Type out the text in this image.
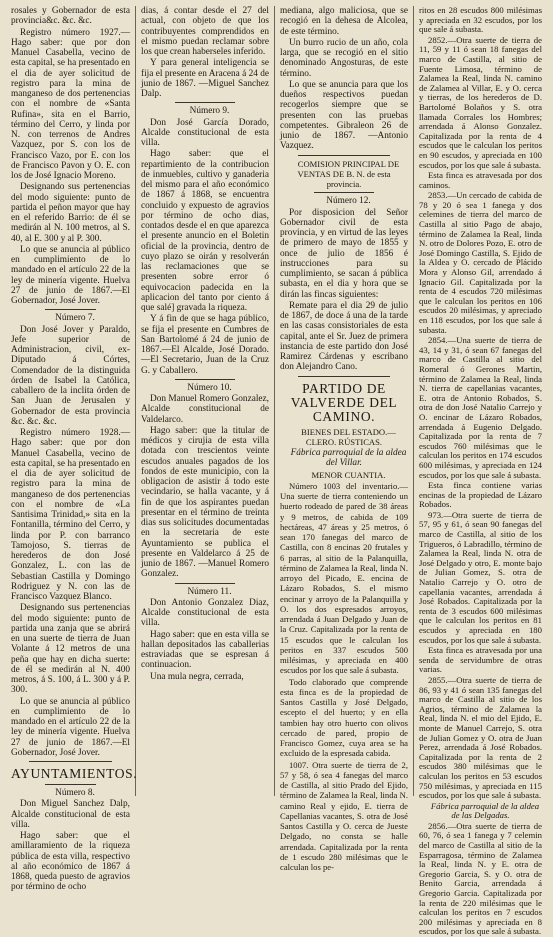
rosales y Gobernador de esta provincia&c. &c. &c.

Registro número 1927.—Hago saber: que por don Manuel Casabella, vecino de esta capital, se ha presentado en el dia de ayer solicitud de registro para la mina de manganeso de dos pertenencias con el nombre de «Santa Rufina», sita en el Barrio, término del Cerro, y linda por N. con terrenos de Andres Vazquez, por S. con los de Francisco Vazo, por E. con los de Francisco Pavon y O. E. con los de José Ignacio Moreno.

Designando sus pertenencias del modo siguiente: punto de partida el peñon mayor que hay en el referido Barrio: de él se medirán al N. 100 metros, al S. 40, al E. 300 y al P. 300.

Lo que se anuncia al público en cumplimiento de lo mandado en el artículo 22 de la ley de minería vigente. Huelva 27 de junio de 1867.—El Gobernador, José Jover.

Número 7.

Don José Jover y Paraldo, Jefe superior de Administracion, civil, ex-Diputado á Córtes, Comendador de la distinguida órden de Isabel la Católica, caballero de la inclita órden de San Juan de Jerusalen y Gobernador de esta provincia &c. &c. &c.

Registro número 1928.—Hago saber: que por don Manuel Casabella, vecino de esta capital, se ha presentado en el dia de ayer solicitud de registro para la mina de manganeso de dos pertenencias con el nombre de «La Santisima Trinidad,» sita en la Fontanilla, término del Cerro, y linda por P. con barranco Tamojoso, S. tierras de herederos de don José Gonzalez, L. con las de Sebastian Castilla y Domingo Rodriguez y N. con las de Francisco Vazquez Blanco.

Designando sus pertenencias del modo siguiente: punto de partida una zanja que se abrirá en una suerte de tierra de Juan Volante á 12 metros de una peña que hay en dicha suerte: de él se medirán al N. 400 metros, á S. 100, á L. 300 y á P. 300.

Lo que se anuncia al público en cumplimiento de lo mandado en el artículo 22 de la ley de minería vigente. Huelva 27 de junio de 1867.—El Gobernador, José Jover.

AYUNTAMIENTOS.

Número 8.

Don Miguel Sanchez Dalp, Alcalde constitucional de esta villa.

Hago saber: que el amillaramiento de la riqueza pública de esta villa, respectivo al año económico de 1867 á 1868, queda puesto de agravios por término de ocho

dias, á contar desde el 27 del actual, con objeto de que los contribuyentes comprendidos en el mismo puedan reclamar sobre los que crean haberseles inferido.

Y para general inteligencia se fija el presente en Aracena á 24 de junio de 1867. —Miguel Sanchez Dalp.

Número 9.

Don José García Dorado, Alcalde constitucional de esta villa.

Hago saber: que el repartimiento de la contribucion de inmuebles, cultivo y ganaderia del mismo para el año económico de 1867 á 1868, se encuentra concluido y expuesto de agravios por término de ocho dias, contados desde el en que aparezca el presente anuncio en el Boletin oficial de la provincia, dentro de cuyo plazo se oirán y resolverán las reclamaciones que se presenten sobre error ó equivocacion padecida en la aplicacion del tanto por ciento á que salé] gravada la riqueza.

Y á fin de que se haga público, se fija el presente en Cumbres de San Bartolomé á 24 de junio de 1867.—El Alcalde, José Dorado.—El Secretario, Juan de la Cruz G. y Caballero.

Número 10.

Don Manuel Romero Gonzalez, Alcalde constitucional de Valdelarco.

Hago saber: que la titular de médicos y cirujia de esta villa dotada con trescientos veinte escudos anuales pagados de los fondos de este municipio, con la obligacion de asistir á todo este vecindario, se halla vacante, y á fin de que los aspirantes puedan presentar en el término de treinta dias sus solicitudes documentadas en la secretaria de este Ayuntamiento se publica el presente en Valdelarco á 25 de junio de 1867. —Manuel Romero Gonzalez.

Número 11.

Don Antonio Gonzalez Diaz, Alcalde constitucional de esta villa.

Hago saber: que en esta villa se hallan depositados las caballerias estraviadas que se espresan á continuacion.

Una mula negra, cerrada,

mediana, algo maliciosa, que se recogió en la dehesa de Alcolea, de este término.

Un burro rucio de un año, cola larga, que se recogió en el sitio denominado Angosturas, de este término.

Lo que se anuncia para que los dueños respectivos puedan recogerlos siempre que se presenten con las pruebas competentes. Gibraleon 26 de junio de 1867. —Antonio Vazquez.

COMISION PRINCIPAL DE VENTAS DE B. N. de esta provincia.

Número 12.

Por disposicion del Señor Gobernador civil de esta provincia, y en virtud de las leyes de primero de mayo de 1855 y once de julio de 1856 é instrucciones para su cumplimiento, se sacan á pública subasta, en el dia y hora que se dirán las fincas siguientes:

Remate para el dia 29 de julio de 1867, de doce á una de la tarde en las casas consistoriales de esta capital, ante el Sr. Juez de primera instancia de este partido don José Ramirez Cárdenas y escribano don Alejandro Cano.

PARTIDO DE VALVERDE DEL CAMINO.

BIENES DEL ESTADO.—CLERO. RÚSTICAS.

Fábrica parroquial de la aldea del Villar.

MENOR CUANTIA.

Número 1003 del inventario.—Una suerte de tierra conteniendo un huerto rodeado de pared de 38 áreas y 9 metros, de cabida de 109 hectáreas, 47 áreas y 25 metros, ó sean 170 fanegas del marco de Castilla, con 8 encinas 20 frutales y 6 parras, al sitio de la Palanquilla, término de Zalamea la Real, linda N. arroyo del Picado, E. encina de Lázaro Robados, S. el mismo encinar y arroyo de la Palanquilla y O. los dos espresados arroyos, arrendada á Juan Delgado y Juan de la Cruz. Capitalizada por la renta de 15 escudos que le calculan los peritos en 337 escudos 500 milésimas, y apreciada en 400 escudos por los que sale á subasta.

Todo claborado que comprende esta finca es de la propiedad de Santos Castilla y José Delgado, escepto el del huerto; y en ella tambien hay otro huerto con olivos cercado de pared, propio de Francisco Gomez, cuya area se ha excluido de la espresada cabida.

1007. Otra suerte de tierra de 2, 57 y 58, ó sea 4 fanegas del marco de Castilla, al sitio Prado del Ejido, término de Zalamea la Real, linda N. camino Real y ejido, E. tierra de Capellanias vacantes, S. otra de José Santos Castilla y O. cerca de Jueste Delgado, no consta se halle arrendada. Capitalizada por la renta de 1 escudo 280 milésimas que le calculan los pe-

ritos en 28 escudos 800 milésimas y apreciada en 32 escudos, por los que sale á subasta.

2852.—Otra suerte de tierra de 11, 59 y 11 ó sean 18 fanegas del marco de Castilla, al sitio de Fuente Limosa, término de Zalamea la Real, linda N. camino de Zalamea al Villar, E. y O. cerca y tierras, de los herederos de D. Bartolomé Bolaños y S. otra llamada Corrales los Hombres; arrendada á Alonso Gonzalez. Capitalizada por la renta de 4 escudos que le calculan los peritos en 90 escudos, y apreciada en 100 escudos, por los que sale á subasta.

Esta finca es atravesada por dos caminos.

2853.—Un cercado de cabida de 78 y 20 ó sea 1 fanega y dos celemines de tierra del marco de Castilla al sitio Pago de abajo, término de Zalamea la Real, linda N. otro de Dolores Pozo, E. otro de José Domingo Castilla, S. Ejido de la Aldea y O. cercado de Plácido Mora y Alonso Gil, arrendado á Ignacio Gil. Capitalizada por la renta de 4 escudos 720 milésimas que le calculan los peritos en 106 escudos 20 milésimas, y apreciado en 118 escudos, por los que sale á subasta.

2854.—Una suerte de tierra de 43, 14 y 31, ó sean 67 fanegas del marco de Castilla al sitio del Romeral ó Gerones Martin, término de Zalamea la Real, linda N. tierra de capellanias vacantes, E. otra de Antonio Robados, S. otra de don José Natalio Carrejo y O. encinar de Lázaro Robados, arrendada á Eugenio Delgado. Capitalizada por la renta de 7 escudos 760 milésimas que le calculan los peritos en 174 escudos 600 milésimas, y apreciada en 124 escudos, por los que sale á subasta.

Esta finca contiene varias encinas de la propiedad de Lázaro Robados.

973.—Otra suerte de tierra de 57, 95 y 61, ó sean 90 fanegas del marco de Castilla, al sitio de los Trigueros, ó Labradillo, término de Zalamea la Real, linda N. otra de José Delgado y otro, E. monte bajo de Julian Gomez, S. otra de Natalio Carrejo y O. otro de capellania vacantes, arrendada á José Robados. Capitalizada por la renta de 3 escudos 600 milésimas que le calculan los peritos en 81 escudos y apreciada en 180 escudos, por los que sale á subasta.

Esta finca es atravesada por una senda de servidumbre de otras varias.

2855.—Otra suerte de tierra de 86, 93 y 41 ó sean 135 fanegas del marco de Castilla al sitio de los Agrios, término de Zalamea la Real, linda N. el mio del Ejido, E. monte de Manuel Carrejo, S. otra de Julian Gomez y O. otra de Juan Perez, arrendada á José Robados. Capitalizada por la renta de 2 escudos 380 milésimas que le calculan los peritos en 53 escudos 750 milésimas, y apreciada en 115 escudos, por los que sale á subasta.

Fábrica parroquial de la aldea de las Delgadas.

2856.—Otra suerte de tierra de 60, 76, ó sea 1 fanega y 7 celemin del marco de Castilla al sitio de la Esparragosa, término de Zalamea la Real, linda N. y E. otra de Gregorio Garcia, S. y O. otra de Benito Garcia, arrendada á Gregorio Garcia. Capitalizada por la renta de 220 milésimas que le calculan los peritos en 7 escudos 200 milésimas y apreciada en 8 escudos, por los que sale á subasta.
